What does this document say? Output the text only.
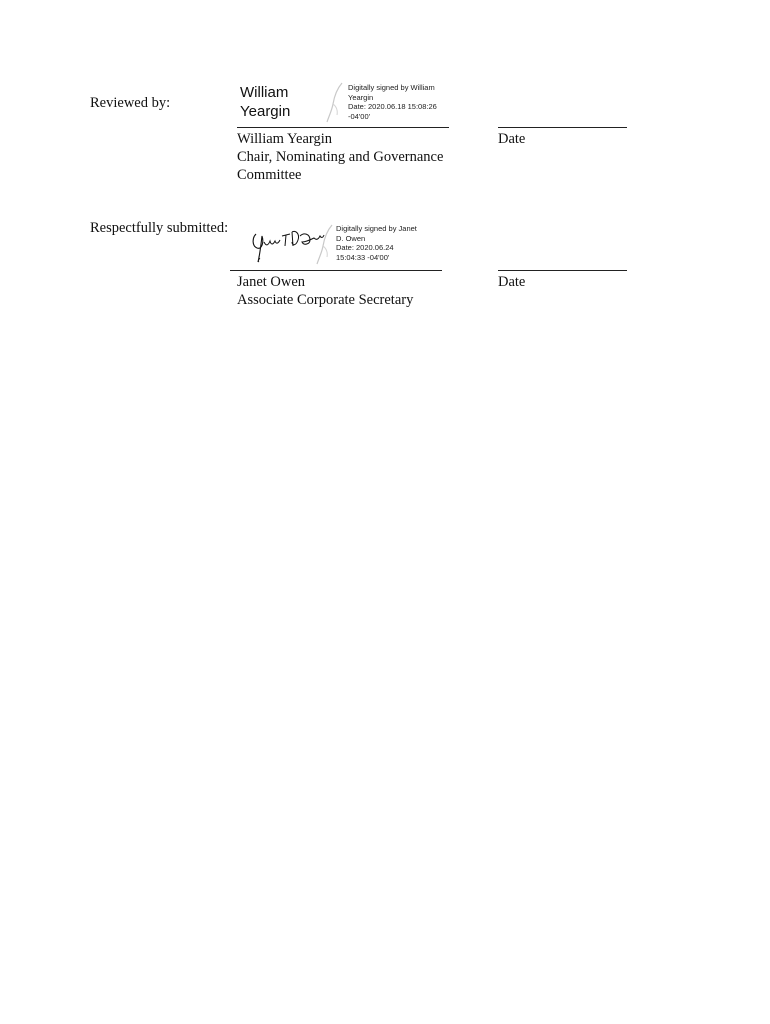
Reviewed by:
William
Yeargin
Digitally signed by William
Yeargin
Date: 2020.06.18 15:08:26
-04'00'
William Yeargin
Chair, Nominating and Governance
Committee
Date
Respectfully submitted:	Digitally signed by Janet
D. Owen
Date: 2020.06.24
15:04:33 -04'00'
Janet Owen
Associate Corporate Secretary
Date
